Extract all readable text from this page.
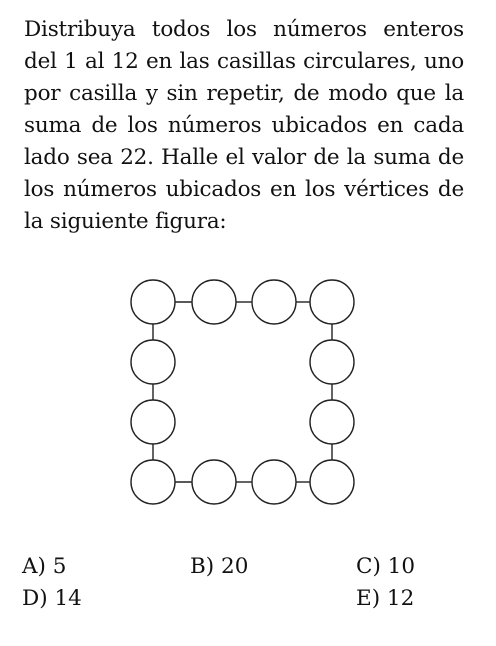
Distribuya todos los números enteros del 1 al 12 en las casillas circulares, uno por casilla y sin repetir, de modo que la suma de los números ubicados en cada lado sea 22. Halle el valor de la suma de los números ubicados en los vértices de la siguiente figura:
A) 5	B) 20	C) 10
D) 14	E) 12
